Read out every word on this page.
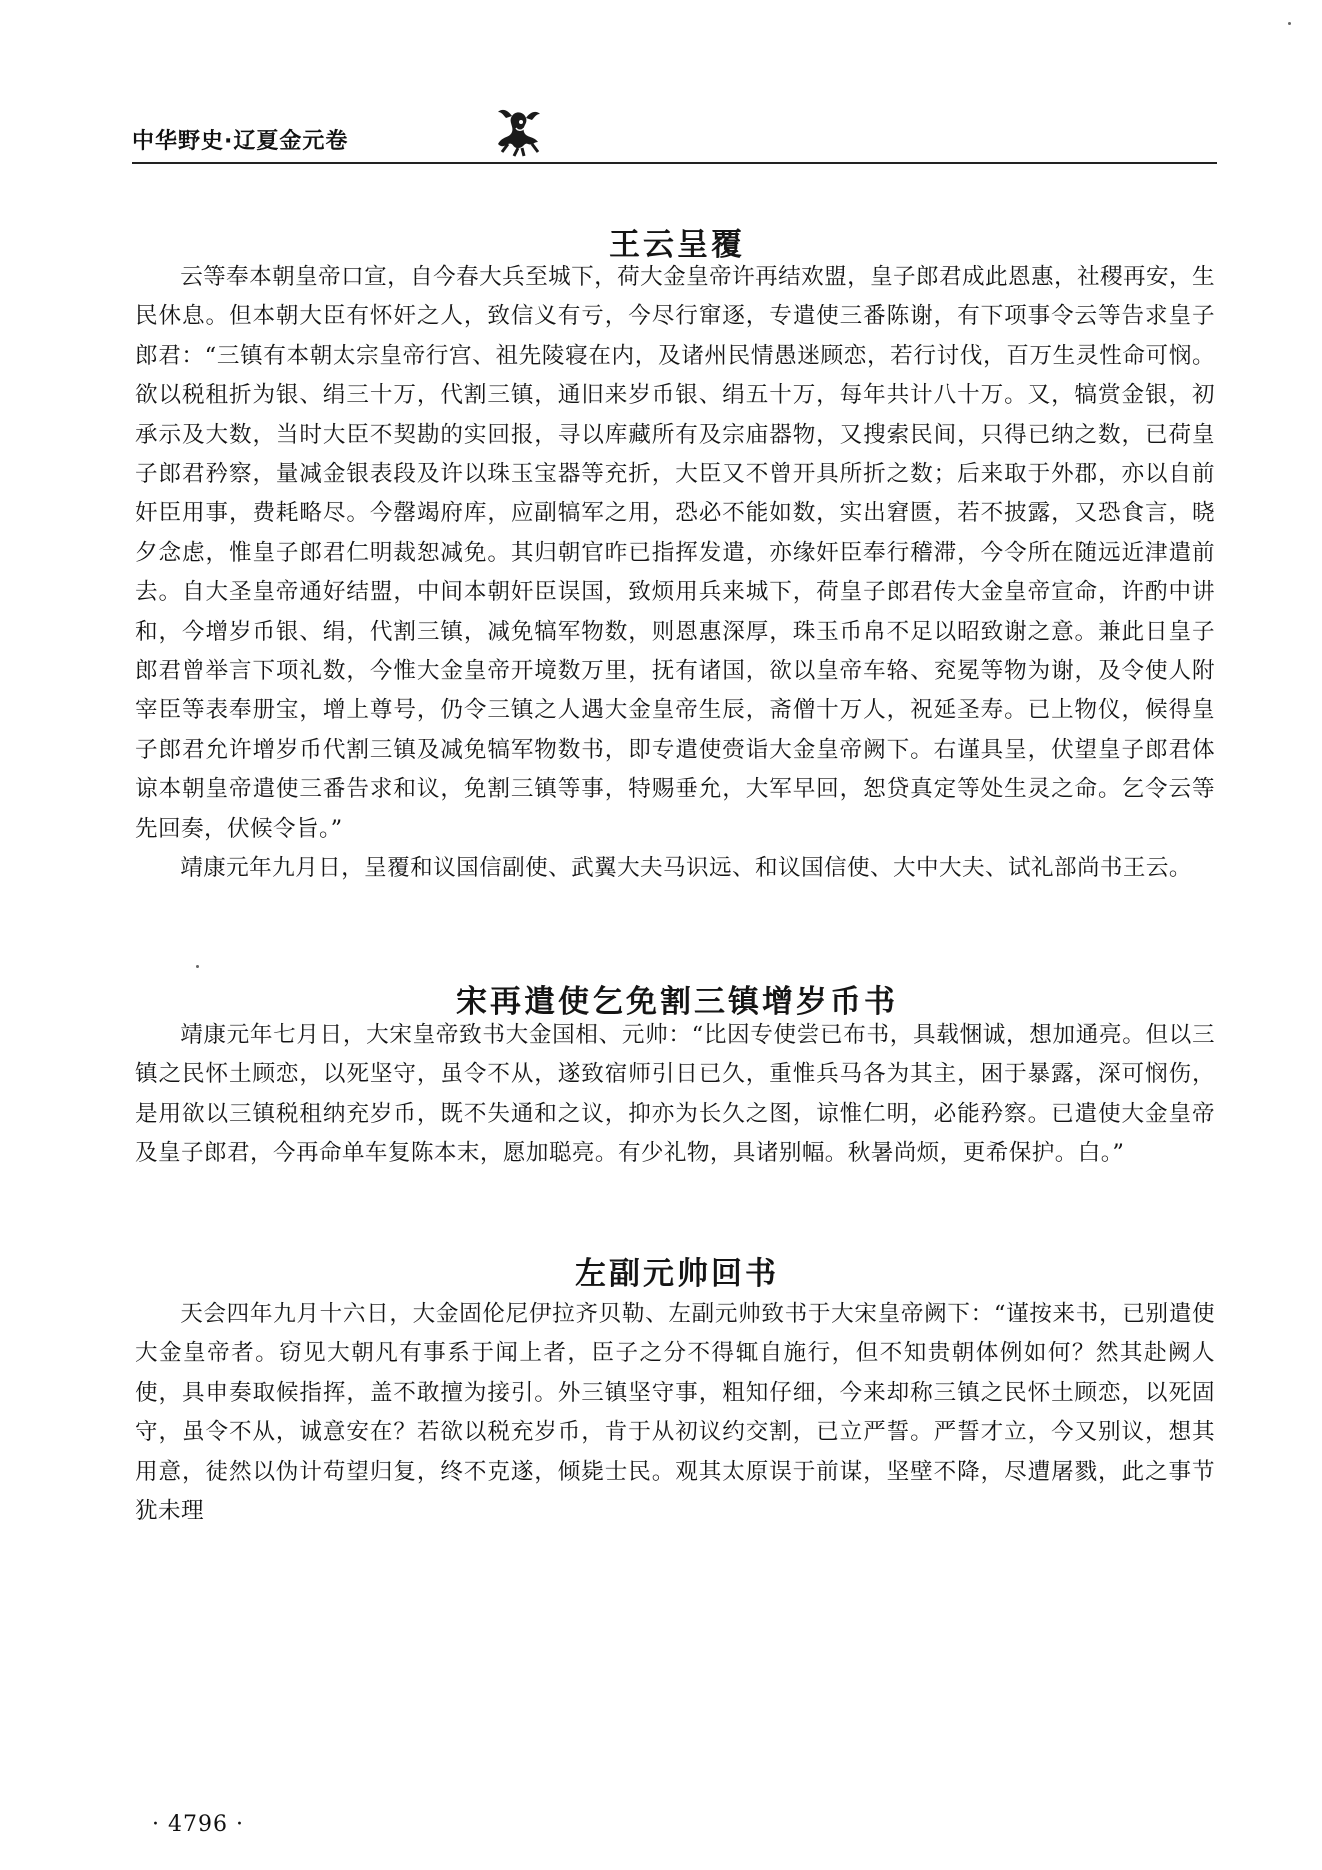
中华野史·辽夏金元卷
王云呈覆

云等奉本朝皇帝口宣，自今春大兵至城下，荷大金皇帝许再结欢盟，皇子郎君成此恩惠，社稷再安，生民休息。但本朝大臣有怀奸之人，致信义有亏，今尽行窜逐，专遣使三番陈谢，有下项事令云等告求皇子郎君：“三镇有本朝太宗皇帝行宫、祖先陵寝在内，及诸州民情愚迷顾恋，若行讨伐，百万生灵性命可悯。欲以税租折为银、绢三十万，代割三镇，通旧来岁币银、绢五十万，每年共计八十万。又，犒赏金银，初承示及大数，当时大臣不契勘的实回报，寻以库藏所有及宗庙器物，又搜索民间，只得已纳之数，已荷皇子郎君矜察，量减金银表段及许以珠玉宝器等充折，大臣又不曾开具所折之数；后来取于外郡，亦以自前奸臣用事，费耗略尽。今罄竭府库，应副犒军之用，恐必不能如数，实出窘匮，若不披露，又恐食言，晓夕念虑，惟皇子郎君仁明裁恕减免。其归朝官昨已指挥发遣，亦缘奸臣奉行稽滞，今令所在随远近津遣前去。自大圣皇帝通好结盟，中间本朝奸臣误国，致烦用兵来城下，荷皇子郎君传大金皇帝宣命，许酌中讲和，今增岁币银、绢，代割三镇，减免犒军物数，则恩惠深厚，珠玉币帛不足以昭致谢之意。兼此日皇子郎君曾举言下项礼数，今惟大金皇帝开境数万里，抚有诸国，欲以皇帝车辂、兖冕等物为谢，及令使人附宰臣等表奉册宝，增上尊号，仍令三镇之人遇大金皇帝生辰，斋僧十万人，祝延圣寿。已上物仪，候得皇子郎君允许增岁币代割三镇及减免犒军物数书，即专遣使赍诣大金皇帝阙下。右谨具呈，伏望皇子郎君体谅本朝皇帝遣使三番告求和议，免割三镇等事，特赐垂允，大军早回，恕贷真定等处生灵之命。乞令云等先回奏，伏候令旨。”

靖康元年九月日，呈覆和议国信副使、武翼大夫马识远、和议国信使、大中大夫、试礼部尚书王云。

宋再遣使乞免割三镇增岁币书

靖康元年七月日，大宋皇帝致书大金国相、元帅：“比因专使尝已布书，具载悃诚，想加通亮。但以三镇之民怀土顾恋，以死坚守，虽令不从，遂致宿师引日已久，重惟兵马各为其主，困于暴露，深可悯伤，是用欲以三镇税租纳充岁币，既不失通和之议，抑亦为长久之图，谅惟仁明，必能矜察。已遣使大金皇帝及皇子郎君，今再命单车复陈本末，愿加聪亮。有少礼物，具诸别幅。秋暑尚烦，更希保护。白。”

左副元帅回书

天会四年九月十六日，大金固伦尼伊拉齐贝勒、左副元帅致书于大宋皇帝阙下：“谨按来书，已别遣使大金皇帝者。窃见大朝凡有事系于闻上者，臣子之分不得辄自施行，但不知贵朝体例如何？然其赴阙人使，具申奏取候指挥，盖不敢擅为接引。外三镇坚守事，粗知仔细，今来却称三镇之民怀土顾恋，以死固守，虽令不从，诚意安在？若欲以税充岁币，肯于从初议约交割，已立严誓。严誓才立，今又别议，想其用意，徒然以伪计苟望归复，终不克遂，倾毙士民。观其太原误于前谋，坚壁不降，尽遭屠戮，此之事节犹未理

· 4796 ·
